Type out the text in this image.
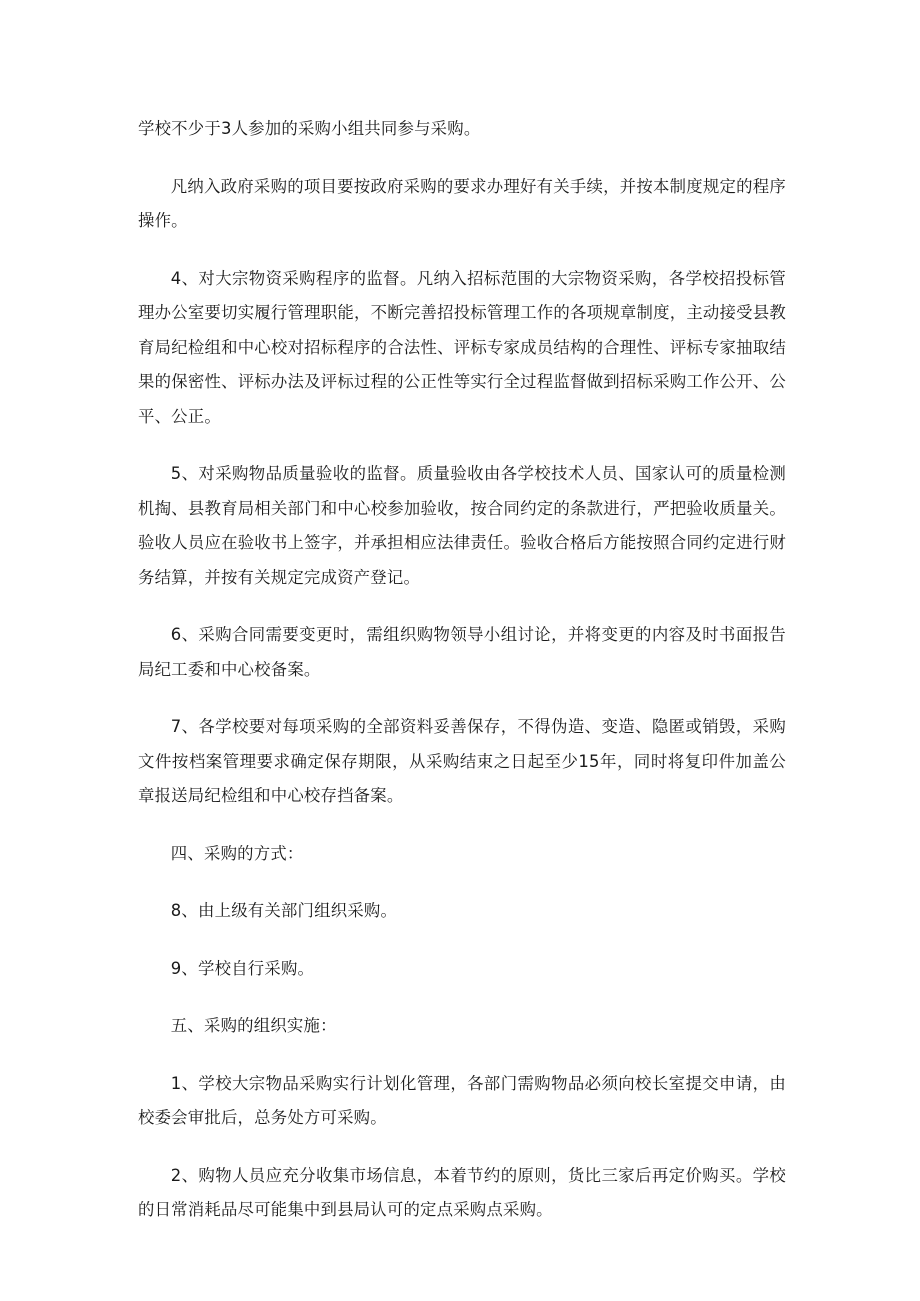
学校不少于3人参加的采购小组共同参与采购。

凡纳入政府采购的项目要按政府采购的要求办理好有关手续，并按本制度规定的程序操作。

4、对大宗物资采购程序的监督。凡纳入招标范围的大宗物资采购，各学校招投标管理办公室要切实履行管理职能，不断完善招投标管理工作的各项规章制度，主动接受县教育局纪检组和中心校对招标程序的合法性、评标专家成员结构的合理性、评标专家抽取结果的保密性、评标办法及评标过程的公正性等实行全过程监督做到招标采购工作公开、公平、公正。

5、对采购物品质量验收的监督。质量验收由各学校技术人员、国家认可的质量检测机掏、县教育局相关部门和中心校参加验收，按合同约定的条款进行，严把验收质量关。验收人员应在验收书上签字，并承担相应法律责任。验收合格后方能按照合同约定进行财务结算，并按有关规定完成资产登记。

6、采购合同需要变更时，需组织购物领导小组讨论，并将变更的内容及时书面报告局纪工委和中心校备案。

7、各学校要对每项采购的全部资料妥善保存，不得伪造、变造、隐匿或销毁，采购文件按档案管理要求确定保存期限，从采购结束之日起至少15年，同时将复印件加盖公章报送局纪检组和中心校存挡备案。

四、采购的方式：

8、由上级有关部门组织采购。

9、学校自行采购。

五、采购的组织实施：

1、学校大宗物品采购实行计划化管理，各部门需购物品必须向校长室提交申请，由校委会审批后，总务处方可采购。

2、购物人员应充分收集市场信息，本着节约的原则，货比三家后再定价购买。学校的日常消耗品尽可能集中到县局认可的定点采购点采购。
